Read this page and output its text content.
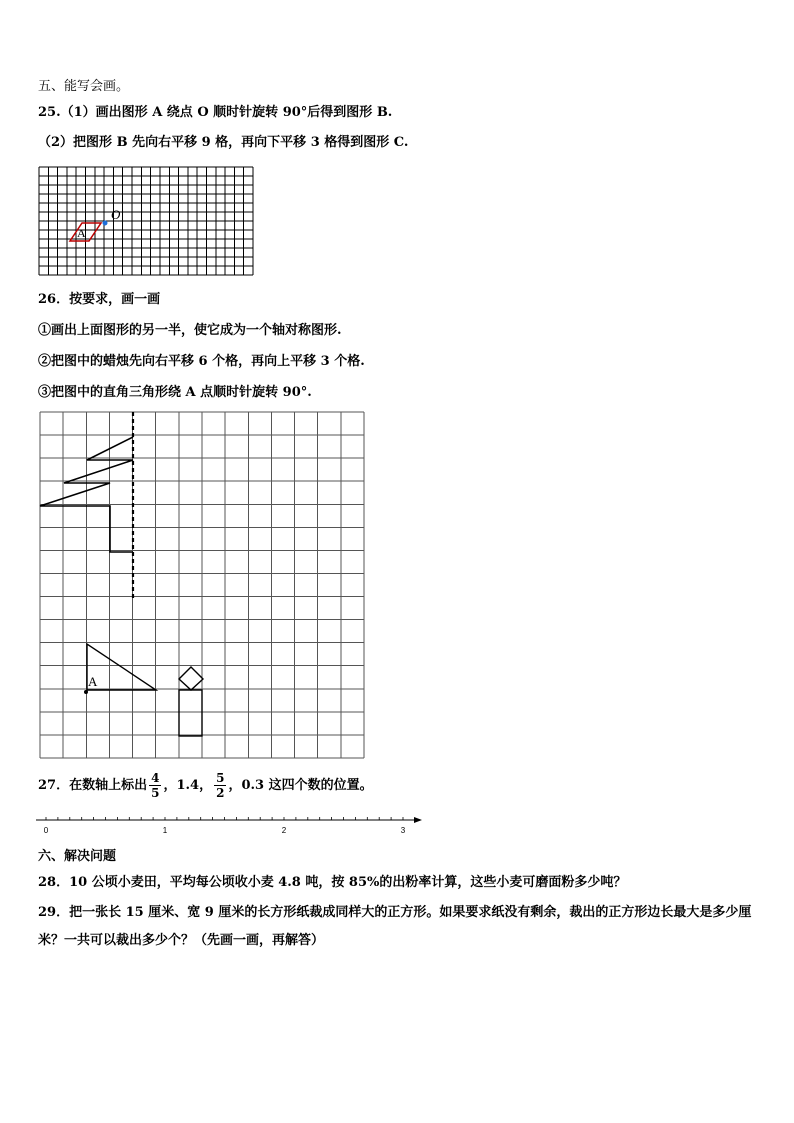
五、能写会画。
25.（1）画出图形 A 绕点 O 顺时针旋转 90°后得到图形 B.
（2）把图形 B 先向右平移 9 格，再向下平移 3 格得到图形 C.
A
O
26．按要求，画一画
①画出上面图形的另一半，使它成为一个轴对称图形.
②把图中的蜡烛先向右平移 6 个格，再向上平移 3 个格.
③把图中的直角三角形绕 A 点顺时针旋转 90°.
A
27．在数轴上标出 $\frac{4}{5}$ ，1.4， $\frac{5}{2}$ ，0.3 这四个数的位置。
0	1	2	3
六、解决问题
28．10 公顷小麦田，平均每公顷收小麦 4.8 吨，按 85%的出粉率计算，这些小麦可磨面粉多少吨？
29．把一张长 15 厘米、宽 9 厘米的长方形纸裁成同样大的正方形。如果要求纸没有剩余，裁出的正方形边长最大是多少厘米？一共可以裁出多少个？（先画一画，再解答）
